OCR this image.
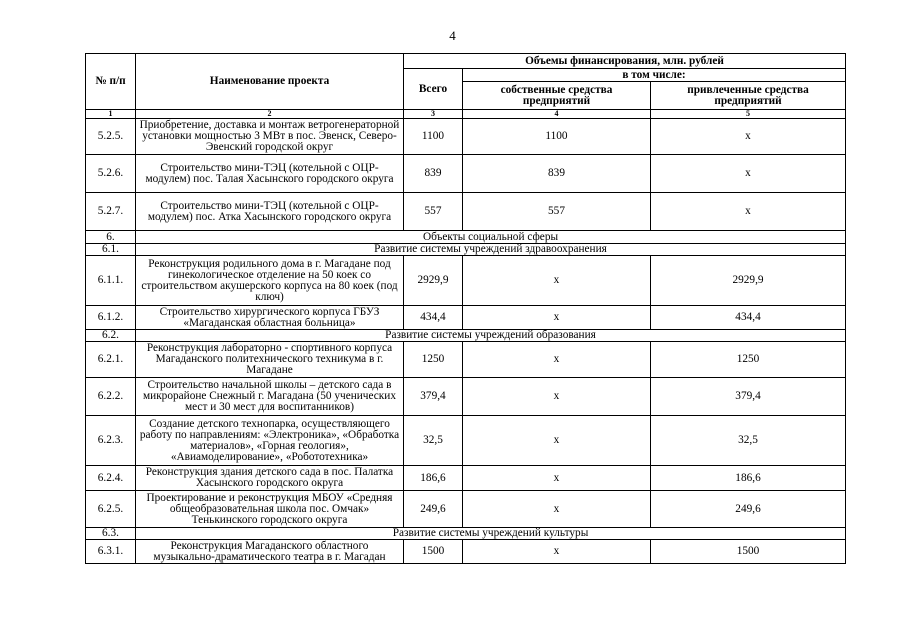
4
№ п/п	Наименование проекта	Объемы финансирования, млн. рублей		
		Всего	в том числе:	
			собственные средства предприятий	привлеченные средства предприятий
1	2	3	4	5
5.2.5.	Приобретение, доставка и монтаж ветрогенераторной установки мощностью 3 МВт в пос. Эвенск, Северо-Эвенский городской округ	1100	1100	x
5.2.6.	Строительство мини-ТЭЦ (котельной с ОЦР-модулем) пос. Талая Хасынского городского округа	839	839	x
5.2.7.	Строительство мини-ТЭЦ (котельной с ОЦР-модулем) пос. Атка Хасынского городского округа	557	557	x
6.	Объекты социальной сферы			
6.1.	Развитие системы учреждений здравоохранения			
6.1.1.	Реконструкция родильного дома в г. Магадане под гинекологическое отделение на 50 коек со строительством акушерского корпуса на 80 коек (под ключ)	2929,9	x	2929,9
6.1.2.	Строительство хирургического корпуса ГБУЗ «Магаданская областная больница»	434,4	x	434,4
6.2.	Развитие системы учреждений образования			
6.2.1.	Реконструкция лабораторно - спортивного корпуса Магаданского политехнического техникума в г. Магадане	1250	x	1250
6.2.2.	Строительство начальной школы – детского сада в микрорайоне Снежный г. Магадана (50 ученических мест и 30 мест для воспитанников)	379,4	x	379,4
6.2.3.	Создание детского технопарка, осуществляющего работу по направлениям: «Электроника», «Обработка материалов», «Горная геология», «Авиамоделирование», «Робототехника»	32,5	x	32,5
6.2.4.	Реконструкция здания детского сада в пос. Палатка Хасынского городского округа	186,6	x	186,6
6.2.5.	Проектирование и реконструкция МБОУ «Средняя общеобразовательная школа пос. Омчак» Тенькинского городского округа	249,6	x	249,6
6.3.	Развитие системы учреждений культуры			
6.3.1.	Реконструкция Магаданского областного музыкально-драматического театра в г. Магадан	1500	x	1500
